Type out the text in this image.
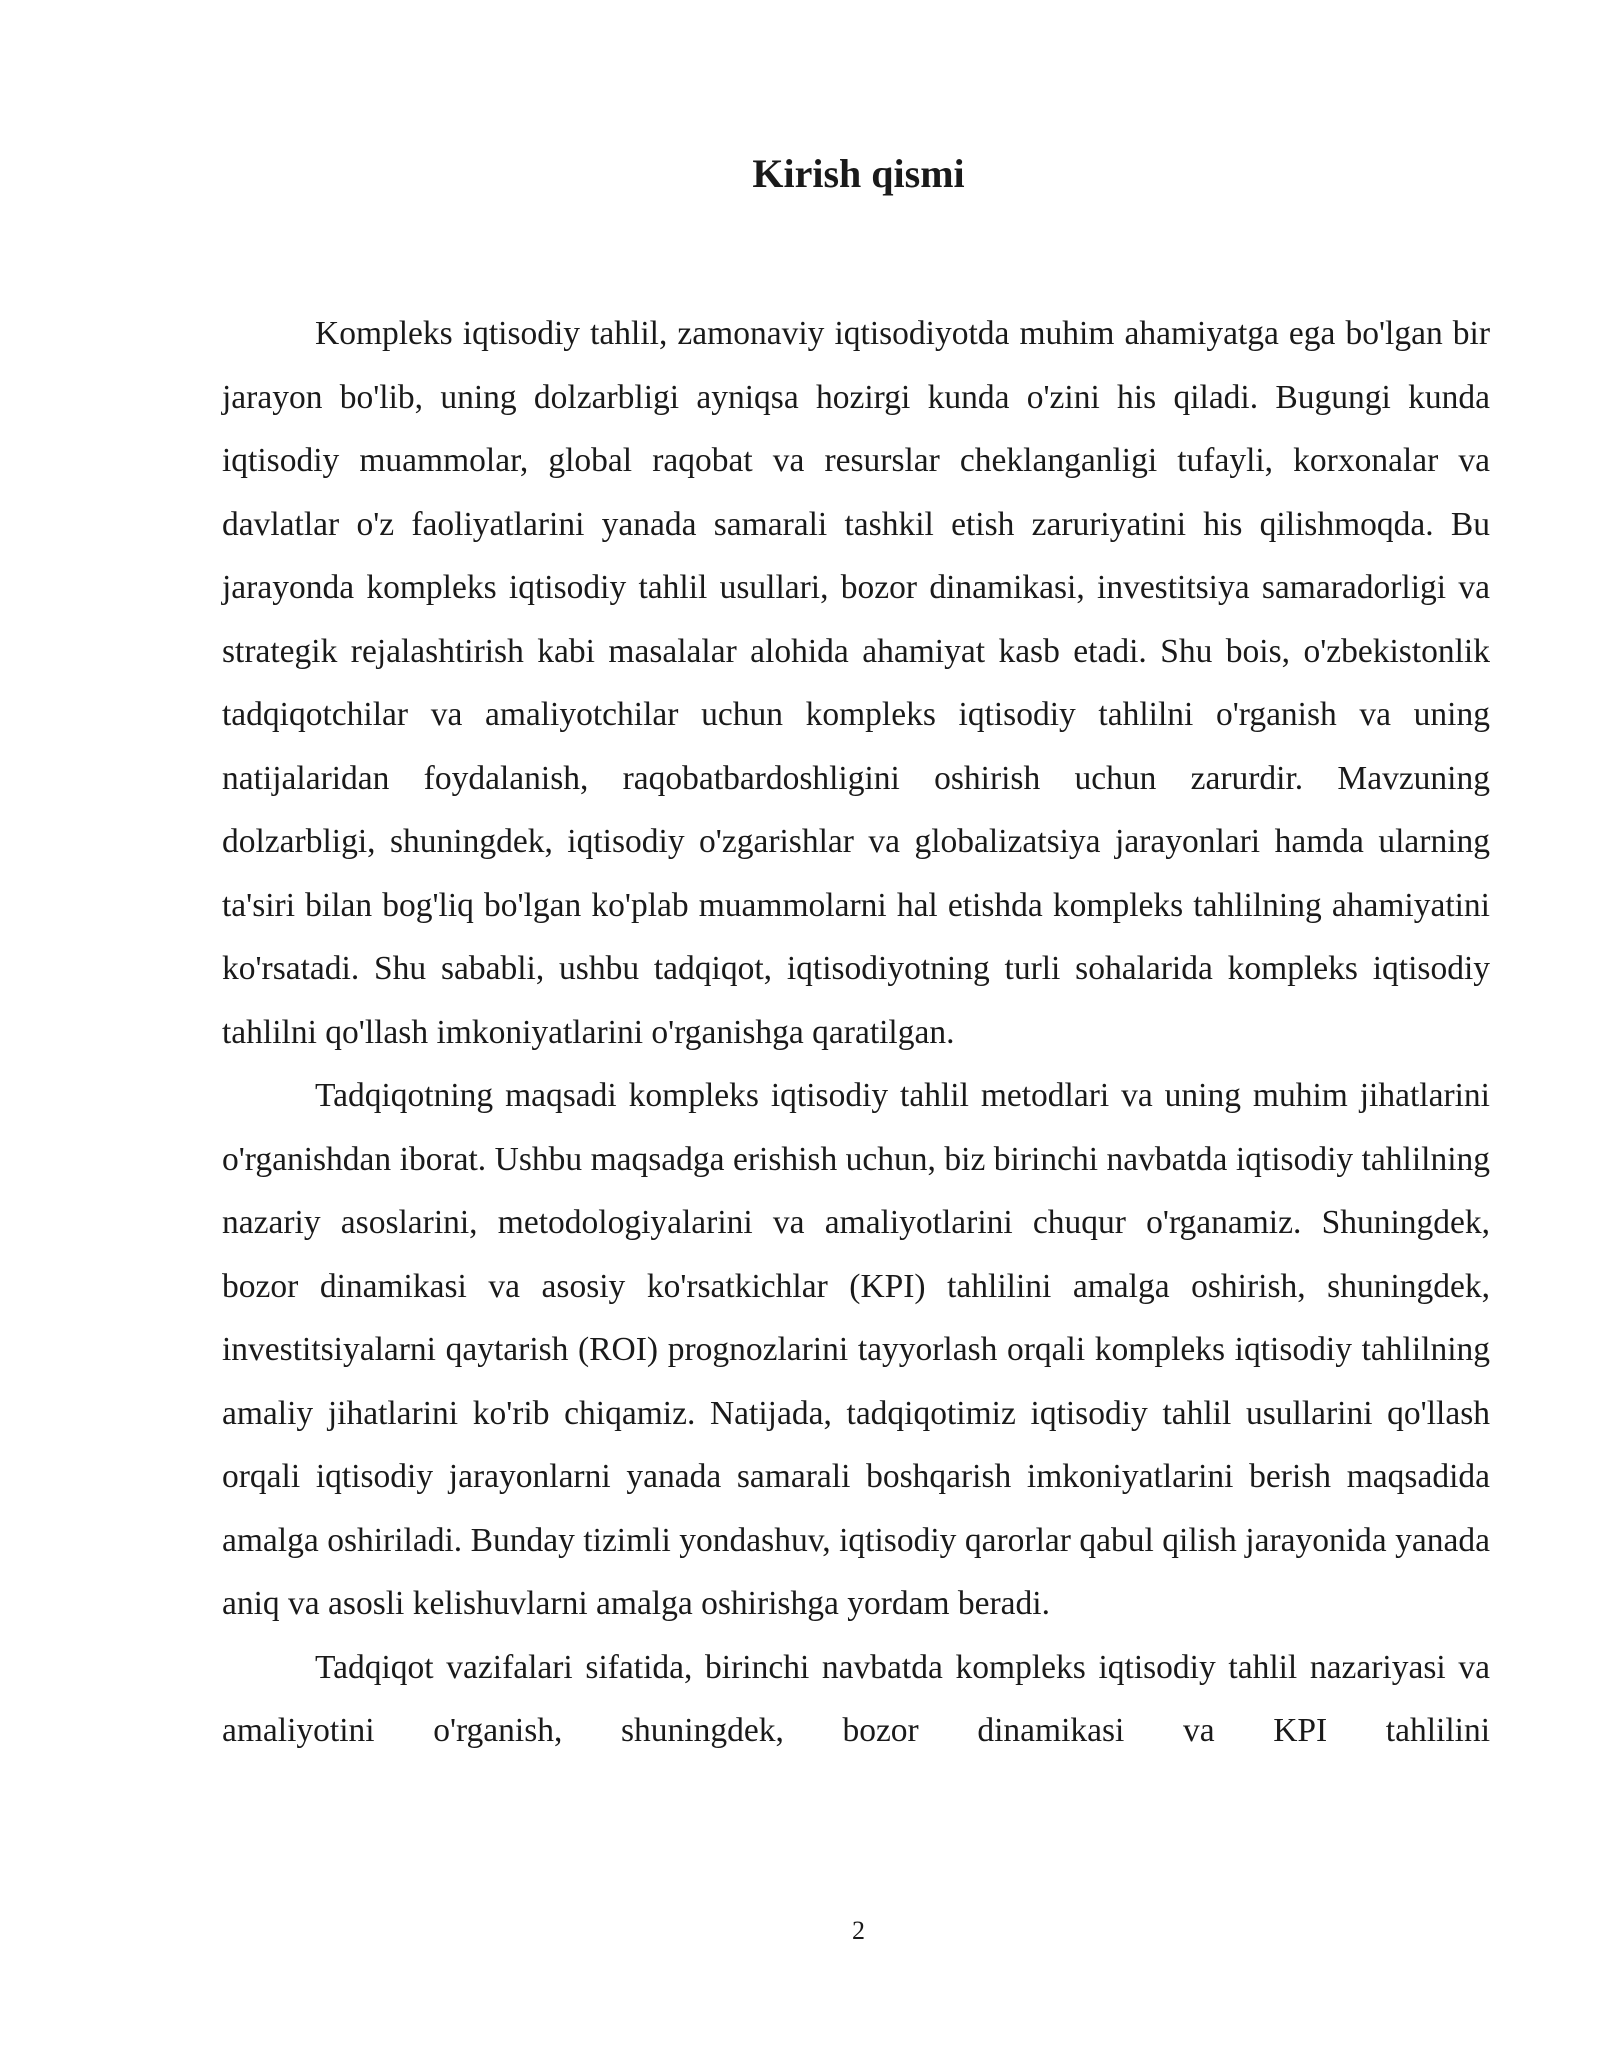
Kirish qismi

Kompleks iqtisodiy tahlil, zamonaviy iqtisodiyotda muhim ahamiyatga ega bo'lgan bir jarayon bo'lib, uning dolzarbligi ayniqsa hozirgi kunda o'zini his qiladi. Bugungi kunda iqtisodiy muammolar, global raqobat va resurslar cheklanganligi tufayli, korxonalar va davlatlar o'z faoliyatlarini yanada samarali tashkil etish zaruriyatini his qilishmoqda. Bu jarayonda kompleks iqtisodiy tahlil usullari, bozor dinamikasi, investitsiya samaradorligi va strategik rejalashtirish kabi masalalar alohida ahamiyat kasb etadi. Shu bois, o'zbekistonlik tadqiqotchilar va amaliyotchilar uchun kompleks iqtisodiy tahlilni o'rganish va uning natijalaridan foydalanish, raqobatbardoshligini oshirish uchun zarurdir. Mavzuning dolzarbligi, shuningdek, iqtisodiy o'zgarishlar va globalizatsiya jarayonlari hamda ularning ta'siri bilan bog'liq bo'lgan ko'plab muammolarni hal etishda kompleks tahlilning ahamiyatini ko'rsatadi. Shu sababli, ushbu tadqiqot, iqtisodiyotning turli sohalarida kompleks iqtisodiy tahlilni qo'llash imkoniyatlarini o'rganishga qaratilgan.

Tadqiqotning maqsadi kompleks iqtisodiy tahlil metodlari va uning muhim jihatlarini o'rganishdan iborat. Ushbu maqsadga erishish uchun, biz birinchi navbatda iqtisodiy tahlilning nazariy asoslarini, metodologiyalarini va amaliyotlarini chuqur o'rganamiz. Shuningdek, bozor dinamikasi va asosiy ko'rsatkichlar (KPI) tahlilini amalga oshirish, shuningdek, investitsiyalarni qaytarish (ROI) prognozlarini tayyorlash orqali kompleks iqtisodiy tahlilning amaliy jihatlarini ko'rib chiqamiz. Natijada, tadqiqotimiz iqtisodiy tahlil usullarini qo'llash orqali iqtisodiy jarayonlarni yanada samarali boshqarish imkoniyatlarini berish maqsadida amalga oshiriladi. Bunday tizimli yondashuv, iqtisodiy qarorlar qabul qilish jarayonida yanada aniq va asosli kelishuvlarni amalga oshirishga yordam beradi.

Tadqiqot vazifalari sifatida, birinchi navbatda kompleks iqtisodiy tahlil nazariyasi va amaliyotini o'rganish, shuningdek, bozor dinamikasi va KPI tahlilini

2
